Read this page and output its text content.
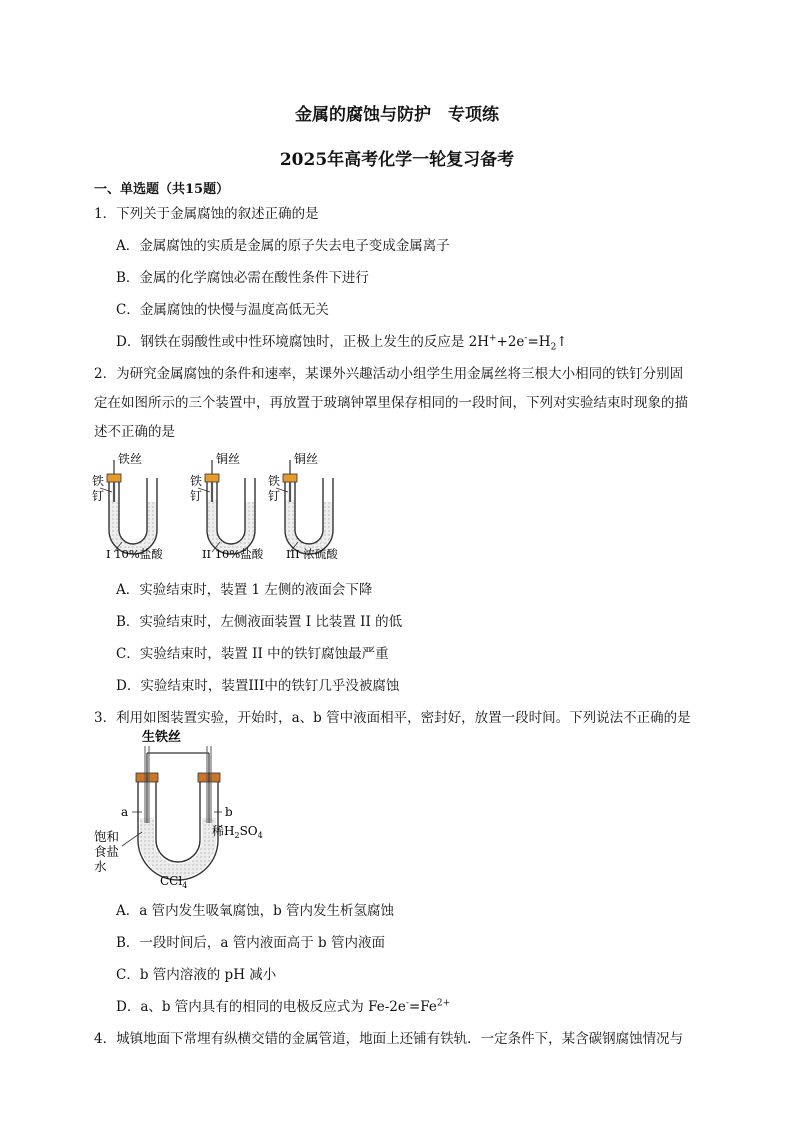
金属的腐蚀与防护　专项练
2025年高考化学一轮复习备考
一、单选题（共15题）
1．下列关于金属腐蚀的叙述正确的是
A．金属腐蚀的实质是金属的原子失去电子变成金属离子
B．金属的化学腐蚀必需在酸性条件下进行
C．金属腐蚀的快慢与温度高低无关
D．钢铁在弱酸性或中性环境腐蚀时，正极上发生的反应是 $2H^++2e^-=H_2↑$
2．为研究金属腐蚀的条件和速率，某课外兴趣活动小组学生用金属丝将三根大小相同的铁钉分别固
定在如图所示的三个装置中，再放置于玻璃钟罩里保存相同的一段时间，下列对实验结束时现象的描
述不正确的是
铁丝
铁
钉
I 10%盐酸
铜丝
铁
钉
II 10%盐酸
铜丝
铁
钉
III 浓硫酸
A．实验结束时，装置 1 左侧的液面会下降
B．实验结束时，左侧液面装置 I 比装置 II 的低
C．实验结束时，装置 II 中的铁钉腐蚀最严重
D．实验结束时，装置III中的铁钉几乎没被腐蚀
3．利用如图装置实验，开始时，a、b 管中液面相平，密封好，放置一段时间。下列说法不正确的是
生铁丝
a	b
饱和
食盐
水
稀$H_2SO_4$
CCl$_4$
A．a 管内发生吸氧腐蚀，b 管内发生析氢腐蚀
B．一段时间后，a 管内液面高于 b 管内液面
C．b 管内溶液的 pH 减小
D．a、b 管内具有的相同的电极反应式为 $Fe-2e^-=Fe^{2+}$
4．城镇地面下常埋有纵横交错的金属管道，地面上还铺有铁轨．一定条件下，某含碳钢腐蚀情况与
